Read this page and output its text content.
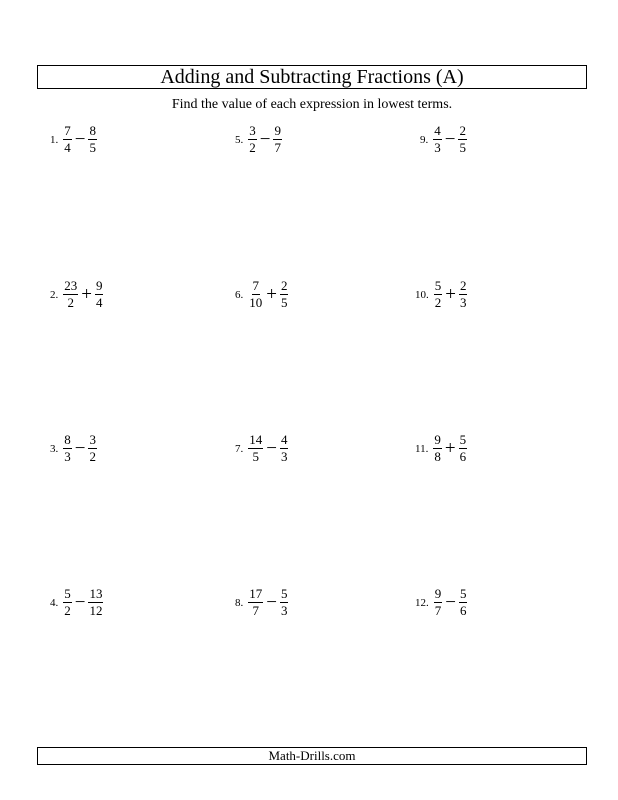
Adding and Subtracting Fractions (A)
Find the value of each expression in lowest terms.
1. $\frac{7}{4} - \frac{8}{5}$
2. $\frac{23}{2} + \frac{9}{4}$
3. $\frac{8}{3} - \frac{3}{2}$
4. $\frac{5}{2} - \frac{13}{12}$
5. $\frac{3}{2} - \frac{9}{7}$
6. $\frac{7}{10} + \frac{2}{5}$
7. $\frac{14}{5} - \frac{4}{3}$
8. $\frac{17}{7} - \frac{5}{3}$
9. $\frac{4}{3} - \frac{2}{5}$
10. $\frac{5}{2} + \frac{2}{3}$
11. $\frac{9}{8} + \frac{5}{6}$
12. $\frac{9}{7} - \frac{5}{6}$
Math-Drills.com
